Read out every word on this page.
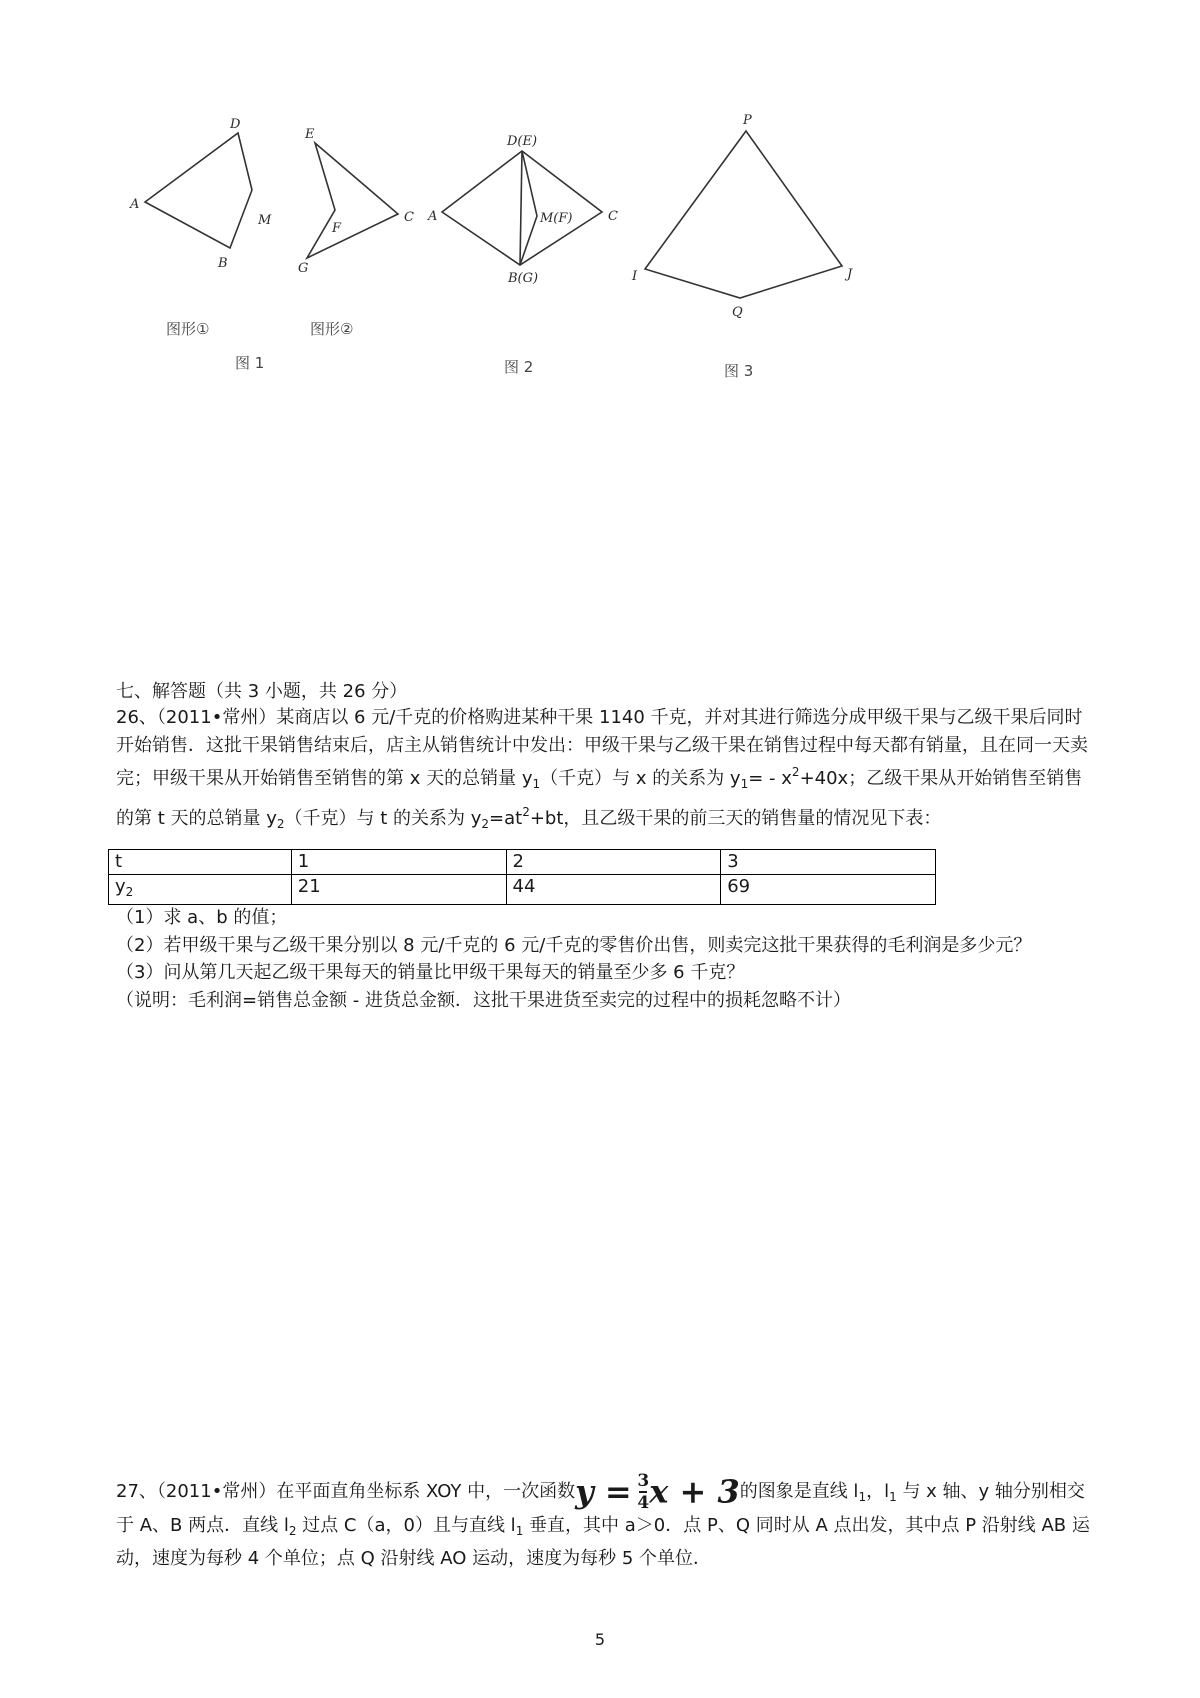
D
A
M
B
图形①
E
F
C
G
图形②
图 1
D(E)
A	M(F)	C
B(G)
图 2
P
I	J
Q
图 3
七、解答题（共 3 小题，共 26 分）

26、（2011•常州）某商店以 6 元/千克的价格购进某种干果 1140 千克，并对其进行筛选分成甲级干果与乙级干果后同时开始销售．这批干果销售结束后，店主从销售统计中发出：甲级干果与乙级干果在销售过程中每天都有销量，且在同一天卖完；甲级干果从开始销售至销售的第 x 天的总销量 $y_1$（千克）与 x 的关系为 $y_1= - x^2+40x$；乙级干果从开始销售至销售的第 t 天的总销量 $y_2$（千克）与 t 的关系为 $y_2=at^2+bt$，且乙级干果的前三天的销售量的情况见下表：

t	1	2	3
$y_2$	21	44	69

（1）求 a、b 的值；

（2）若甲级干果与乙级干果分别以 8 元/千克的 6 元/千克的零售价出售，则卖完这批干果获得的毛利润是多少元？

（3）问从第几天起乙级干果每天的销量比甲级干果每天的销量至少多 6 千克？

（说明：毛利润=销售总金额 - 进货总金额．这批干果进货至卖完的过程中的损耗忽略不计）

27、（2011•常州）在平面直角坐标系 XOY 中，一次函数$y = \frac{3}{4}$ x + 3的图象是直线 $l_1$，$l_1$ 与 x 轴、y 轴分别相交于 A、B 两点．直线 $l_2$ 过点 C（a，0）且与直线 $l_1$ 垂直，其中 a＞0．点 P、Q 同时从 A 点出发，其中点 P 沿射线 AB 运动，速度为每秒 4 个单位；点 Q 沿射线 AO 运动，速度为每秒 5 个单位．
5
